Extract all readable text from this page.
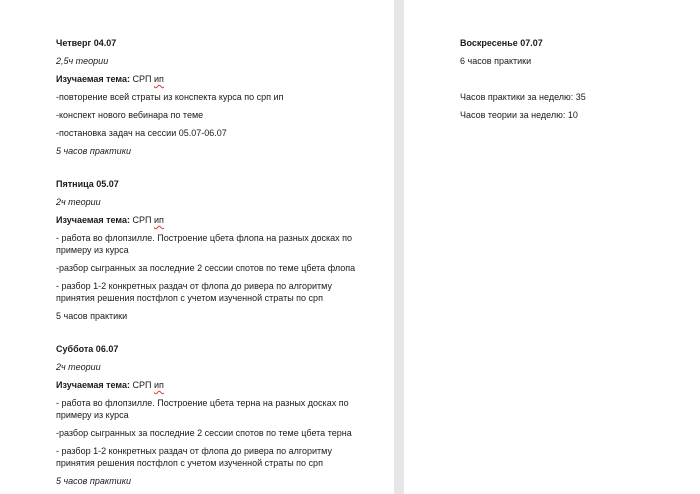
Четверг 04.07

2,5ч теории

Изучаемая тема: СРП ип

-повторение всей страты из конспекта курса по срп ип

-конспект нового вебинара по теме

-постановка задач на сессии 05.07-06.07

5 часов практики

Пятница 05.07

2ч теории

Изучаемая тема: СРП ип

- работа во флопзилле. Построение цбета флопа на разных досках по примеру из курса

-разбор сыгранных за последние 2 сессии спотов по теме цбета флопа

- разбор 1-2 конкретных раздач от флопа до ривера по алгоритму принятия решения постфлоп с учетом изученной страты по срп

5 часов практики

Суббота 06.07

2ч теории

Изучаемая тема: СРП ип

- работа во флопзилле. Построение цбета терна на разных досках по примеру из курса

-разбор сыгранных за последние 2 сессии спотов по теме цбета терна

- разбор 1-2 конкретных раздач от флопа до ривера по алгоритму принятия решения постфлоп с учетом изученной страты по срп

5 часов практики

Воскресенье 07.07

6 часов практики

Часов практики за неделю: 35

Часов теории за неделю: 10
